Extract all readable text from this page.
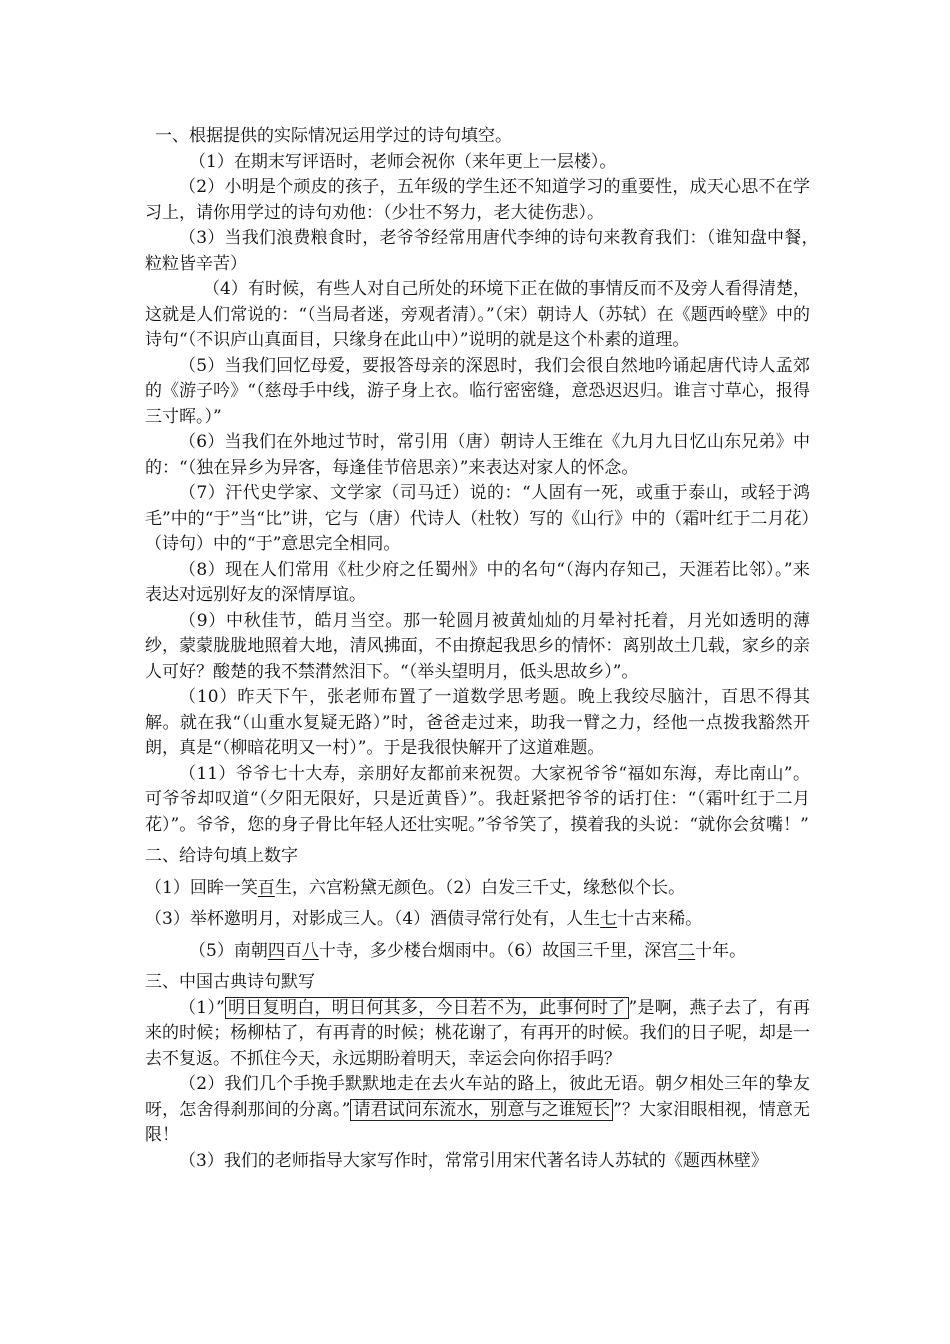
一、根据提供的实际情况运用学过的诗句填空。

（1）在期末写评语时，老师会祝你（来年更上一层楼）。

（2）小明是个顽皮的孩子，五年级的学生还不知道学习的重要性，成天心思不在学习上，请你用学过的诗句劝他：（少壮不努力，老大徒伤悲）。

（3）当我们浪费粮食时，老爷爷经常用唐代李绅的诗句来教育我们：（谁知盘中餐，　粒粒皆辛苦）

（4）有时候，有些人对自己所处的环境下正在做的事情反而不及旁人看得清楚，这就是人们常说的：“（当局者迷，旁观者清）。”（宋）朝诗人（苏轼）在《题西岭壁》中的诗句“（不识庐山真面目，只缘身在此山中）”说明的就是这个朴素的道理。

（5）当我们回忆母爱，要报答母亲的深恩时，我们会很自然地吟诵起唐代诗人孟郊的《游子吟》“（慈母手中线，游子身上衣。临行密密缝，意恐迟迟归。谁言寸草心，报得三寸晖。）”

（6）当我们在外地过节时，常引用（唐）朝诗人王维在《九月九日忆山东兄弟》中的：“（独在异乡为异客，每逢佳节倍思亲）”来表达对家人的怀念。

（7）汗代史学家、文学家（司马迁）说的：“人固有一死，或重于泰山，或轻于鸿毛”中的“于”当“比”讲，它与（唐）代诗人（杜牧）写的《山行》中的（霜叶红于二月花）（诗句）中的“于”意思完全相同。

（8）现在人们常用《杜少府之任蜀州》中的名句“（海内存知己，天涯若比邻）。”来表达对远别好友的深情厚谊。

（9）中秋佳节，皓月当空。那一轮圆月被黄灿灿的月晕衬托着，月光如透明的薄纱，蒙蒙胧胧地照着大地，清风拂面，不由撩起我思乡的情怀：离别故土几载，家乡的亲人可好？酸楚的我不禁潸然泪下。“（举头望明月，低头思故乡）”。

（10）昨天下午，张老师布置了一道数学思考题。晚上我绞尽脑汁，百思不得其解。就在我“（山重水复疑无路）”时，爸爸走过来，助我一臂之力，经他一点拨我豁然开朗，真是“（柳暗花明又一村）”。于是我很快解开了这道难题。

（11）爷爷七十大寿，亲朋好友都前来祝贺。大家祝爷爷“福如东海，寿比南山”。可爷爷却叹道“（夕阳无限好，只是近黄昏）”。我赶紧把爷爷的话打住：“（霜叶红于二月花）”。爷爷，您的身子骨比年轻人还壮实呢。”爷爷笑了，摸着我的头说：“就你会贫嘴！”

二、给诗句填上数字

（1）回眸一笑百生，六宫粉黛无颜色。（2）白发三千丈，缘愁似个长。

（3）举杯邀明月，对影成三人。（4）酒债寻常行处有，人生七十古来稀。

（5）南朝四百八十寺，多少楼台烟雨中。（6）故国三千里，深宫二十年。

三、中国古典诗句默写

（1）” 明日复明白，明日何其多，今日若不为，此事何时了 ”是啊，燕子去了，有再来的时候；杨柳枯了，有再青的时候；桃花谢了，有再开的时候。我们的日子呢，却是一去不复返。不抓住今天，永远期盼着明天，幸运会向你招手吗？

（2）我们几个手挽手默默地走在去火车站的路上，彼此无语。朝夕相处三年的挚友呀，怎舍得刹那间的分离。” 请君试问东流水，别意与之谁短长 ”？大家泪眼相视，情意无限！

（3）我们的老师指导大家写作时，常常引用宋代著名诗人苏轼的《题西林壁》
